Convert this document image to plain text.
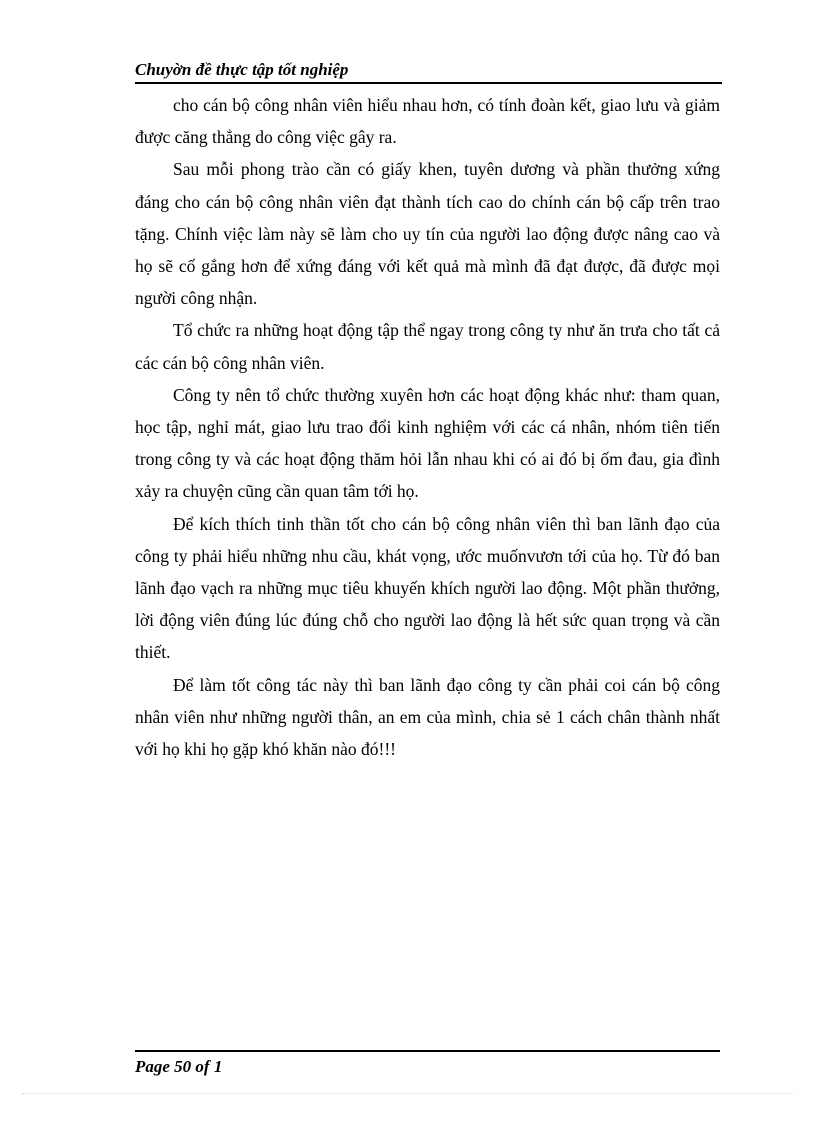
Chuyờn đề thực tập tốt nghiệp

cho cán bộ công nhân viên hiểu nhau hơn, có tính đoàn kết, giao lưu và giảm được căng thẳng do công việc gây ra.

Sau mỗi phong trào cần có giấy khen, tuyên dương và phần thưởng xứng đáng cho cán bộ công nhân viên đạt thành tích cao do chính cán bộ cấp trên trao tặng. Chính việc làm này sẽ làm cho uy tín của người lao động được nâng cao và họ sẽ cố gắng hơn để xứng đáng với kết quả mà mình đã đạt được, đã được mọi người công nhận.

Tổ chức ra những hoạt động tập thể ngay trong công ty như ăn trưa cho tất cả các cán bộ công nhân viên.

Công ty nên tổ chức thường xuyên hơn các hoạt động khác như: tham quan, học tập, nghỉ mát, giao lưu trao đổi kinh nghiệm với các cá nhân, nhóm tiên tiến trong công ty và các hoạt động thăm hỏi lẫn nhau khi có ai đó bị ốm đau, gia đình xảy ra chuyện cũng cần quan tâm tới họ.

Để kích thích tinh thần tốt cho cán bộ công nhân viên thì ban lãnh đạo của công ty phải hiểu những nhu cầu, khát vọng, ước muốnvươn tới của họ. Từ đó ban lãnh đạo vạch ra những mục tiêu khuyến khích người lao động. Một phần thưởng, lời động viên đúng lúc đúng chỗ cho người lao động là hết sức quan trọng và cần thiết.

Để làm tốt công tác này thì ban lãnh đạo công ty cần phải coi cán bộ công nhân viên như những người thân, an em của mình, chia sẻ 1 cách chân thành nhất với họ khi họ gặp khó khăn nào đó!!!

Page 50 of 1
